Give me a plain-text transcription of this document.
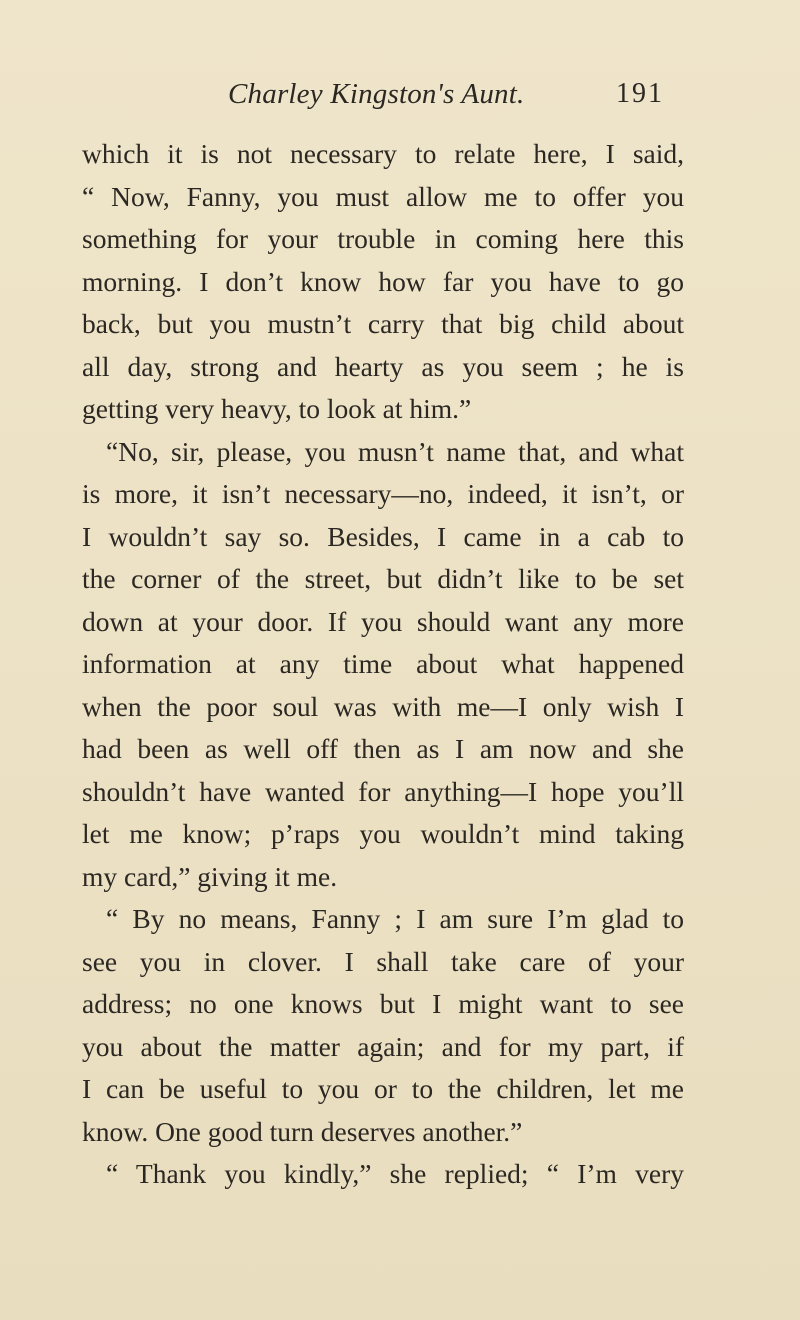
Charley Kingston's Aunt.	191
which it is not necessary to relate here, I said,
“ Now, Fanny, you must allow me to offer you
something for your trouble in coming here this
morning. I don’t know how far you have to go
back, but you mustn’t carry that big child about
all day, strong and hearty as you seem ; he is
getting very heavy, to look at him.”
“No, sir, please, you musn’t name that, and what
is more, it isn’t necessary—no, indeed, it isn’t, or
I wouldn’t say so. Besides, I came in a cab to
the corner of the street, but didn’t like to be set
down at your door. If you should want any more
information at any time about what happened
when the poor soul was with me—I only wish I
had been as well off then as I am now and she
shouldn’t have wanted for anything—I hope you’ll
let me know; p’raps you wouldn’t mind taking
my card,” giving it me.
“ By no means, Fanny ; I am sure I’m glad to
see you in clover. I shall take care of your
address; no one knows but I might want to see
you about the matter again; and for my part, if
I can be useful to you or to the children, let me
know. One good turn deserves another.”
“ Thank you kindly,” she replied; “ I’m very
